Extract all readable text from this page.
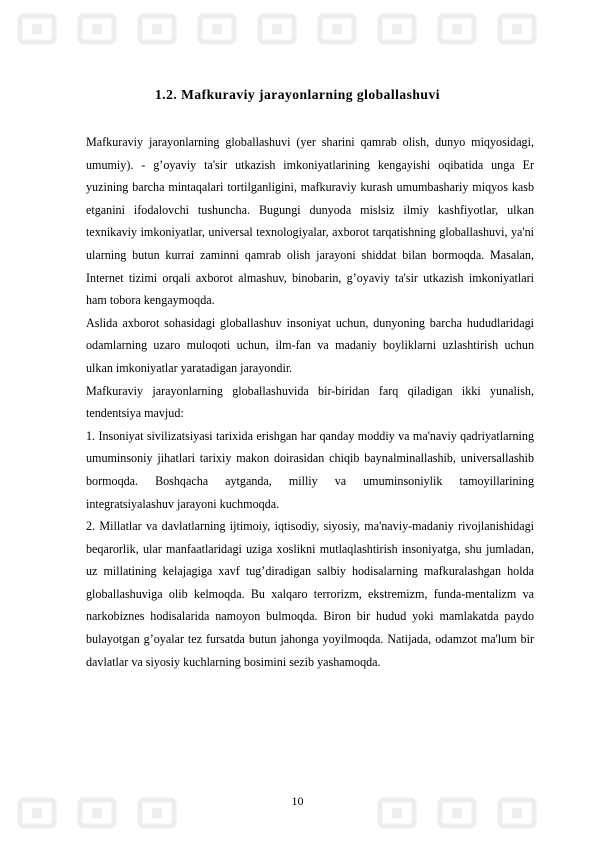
1.2. Mafkuraviy jarayonlarning globallashuvi

Mafkuraviy jarayonlarning globallashuvi (yer sharini qamrab olish, dunyo miqyosidagi, umumiy). - g’oyaviy ta'sir utkazish imkoniyatlarining kengayishi oqibatida unga Er yuzining barcha mintaqalari tortilganligini, mafkuraviy kurash umumbashariy miqyos kasb etganini ifodalovchi tushuncha. Bugungi dunyoda mislsiz ilmiy kashfiyotlar, ulkan texnikaviy imkoniyatlar, universal texnologiyalar, axborot tarqatishning globallashuvi, ya'ni ularning butun kurrai zaminni qamrab olish jarayoni shiddat bilan bormoqda. Masalan, Internet tizimi orqali axborot almashuv, binobarin, g’oyaviy ta'sir utkazish imkoniyatlari ham tobora kengaymoqda.

Aslida axborot sohasidagi globallashuv insoniyat uchun, dunyoning barcha hududlaridagi odamlarning uzaro muloqoti uchun, ilm-fan va madaniy boyliklarni uzlashtirish uchun ulkan imkoniyatlar yaratadigan jarayondir.

Mafkuraviy jarayonlarning globallashuvida bir-biridan farq qiladigan ikki yunalish, tendentsiya mavjud:

1. Insoniyat sivilizatsiyasi tarixida erishgan har qanday moddiy va ma'naviy qadriyatlarning umuminsoniy jihatlari tarixiy makon doirasidan chiqib baynalminallashib, universallashib bormoqda. Boshqacha aytganda, milliy va umuminsoniylik tamoyillarining integratsiyalashuv jarayoni kuchmoqda.

2. Millatlar va davlatlarning ijtimoiy, iqtisodiy, siyosiy, ma'naviy-madaniy rivojlanishidagi beqarorlik, ular manfaatlaridagi uziga xoslikni mutlaqlashtirish insoniyatga, shu jumladan, uz millatining kelajagiga xavf tug’diradigan salbiy hodisalarning mafkuralashgan holda globallashuviga olib kelmoqda. Bu xalqaro terrorizm, ekstremizm, funda-mentalizm va narkobiznes hodisalarida namoyon bulmoqda. Biron bir hudud yoki mamlakatda paydo bulayotgan g’oyalar tez fursatda butun jahonga yoyilmoqda. Natijada, odamzot ma'lum bir davlatlar va siyosiy kuchlarning bosimini sezib yashamoqda.

10
